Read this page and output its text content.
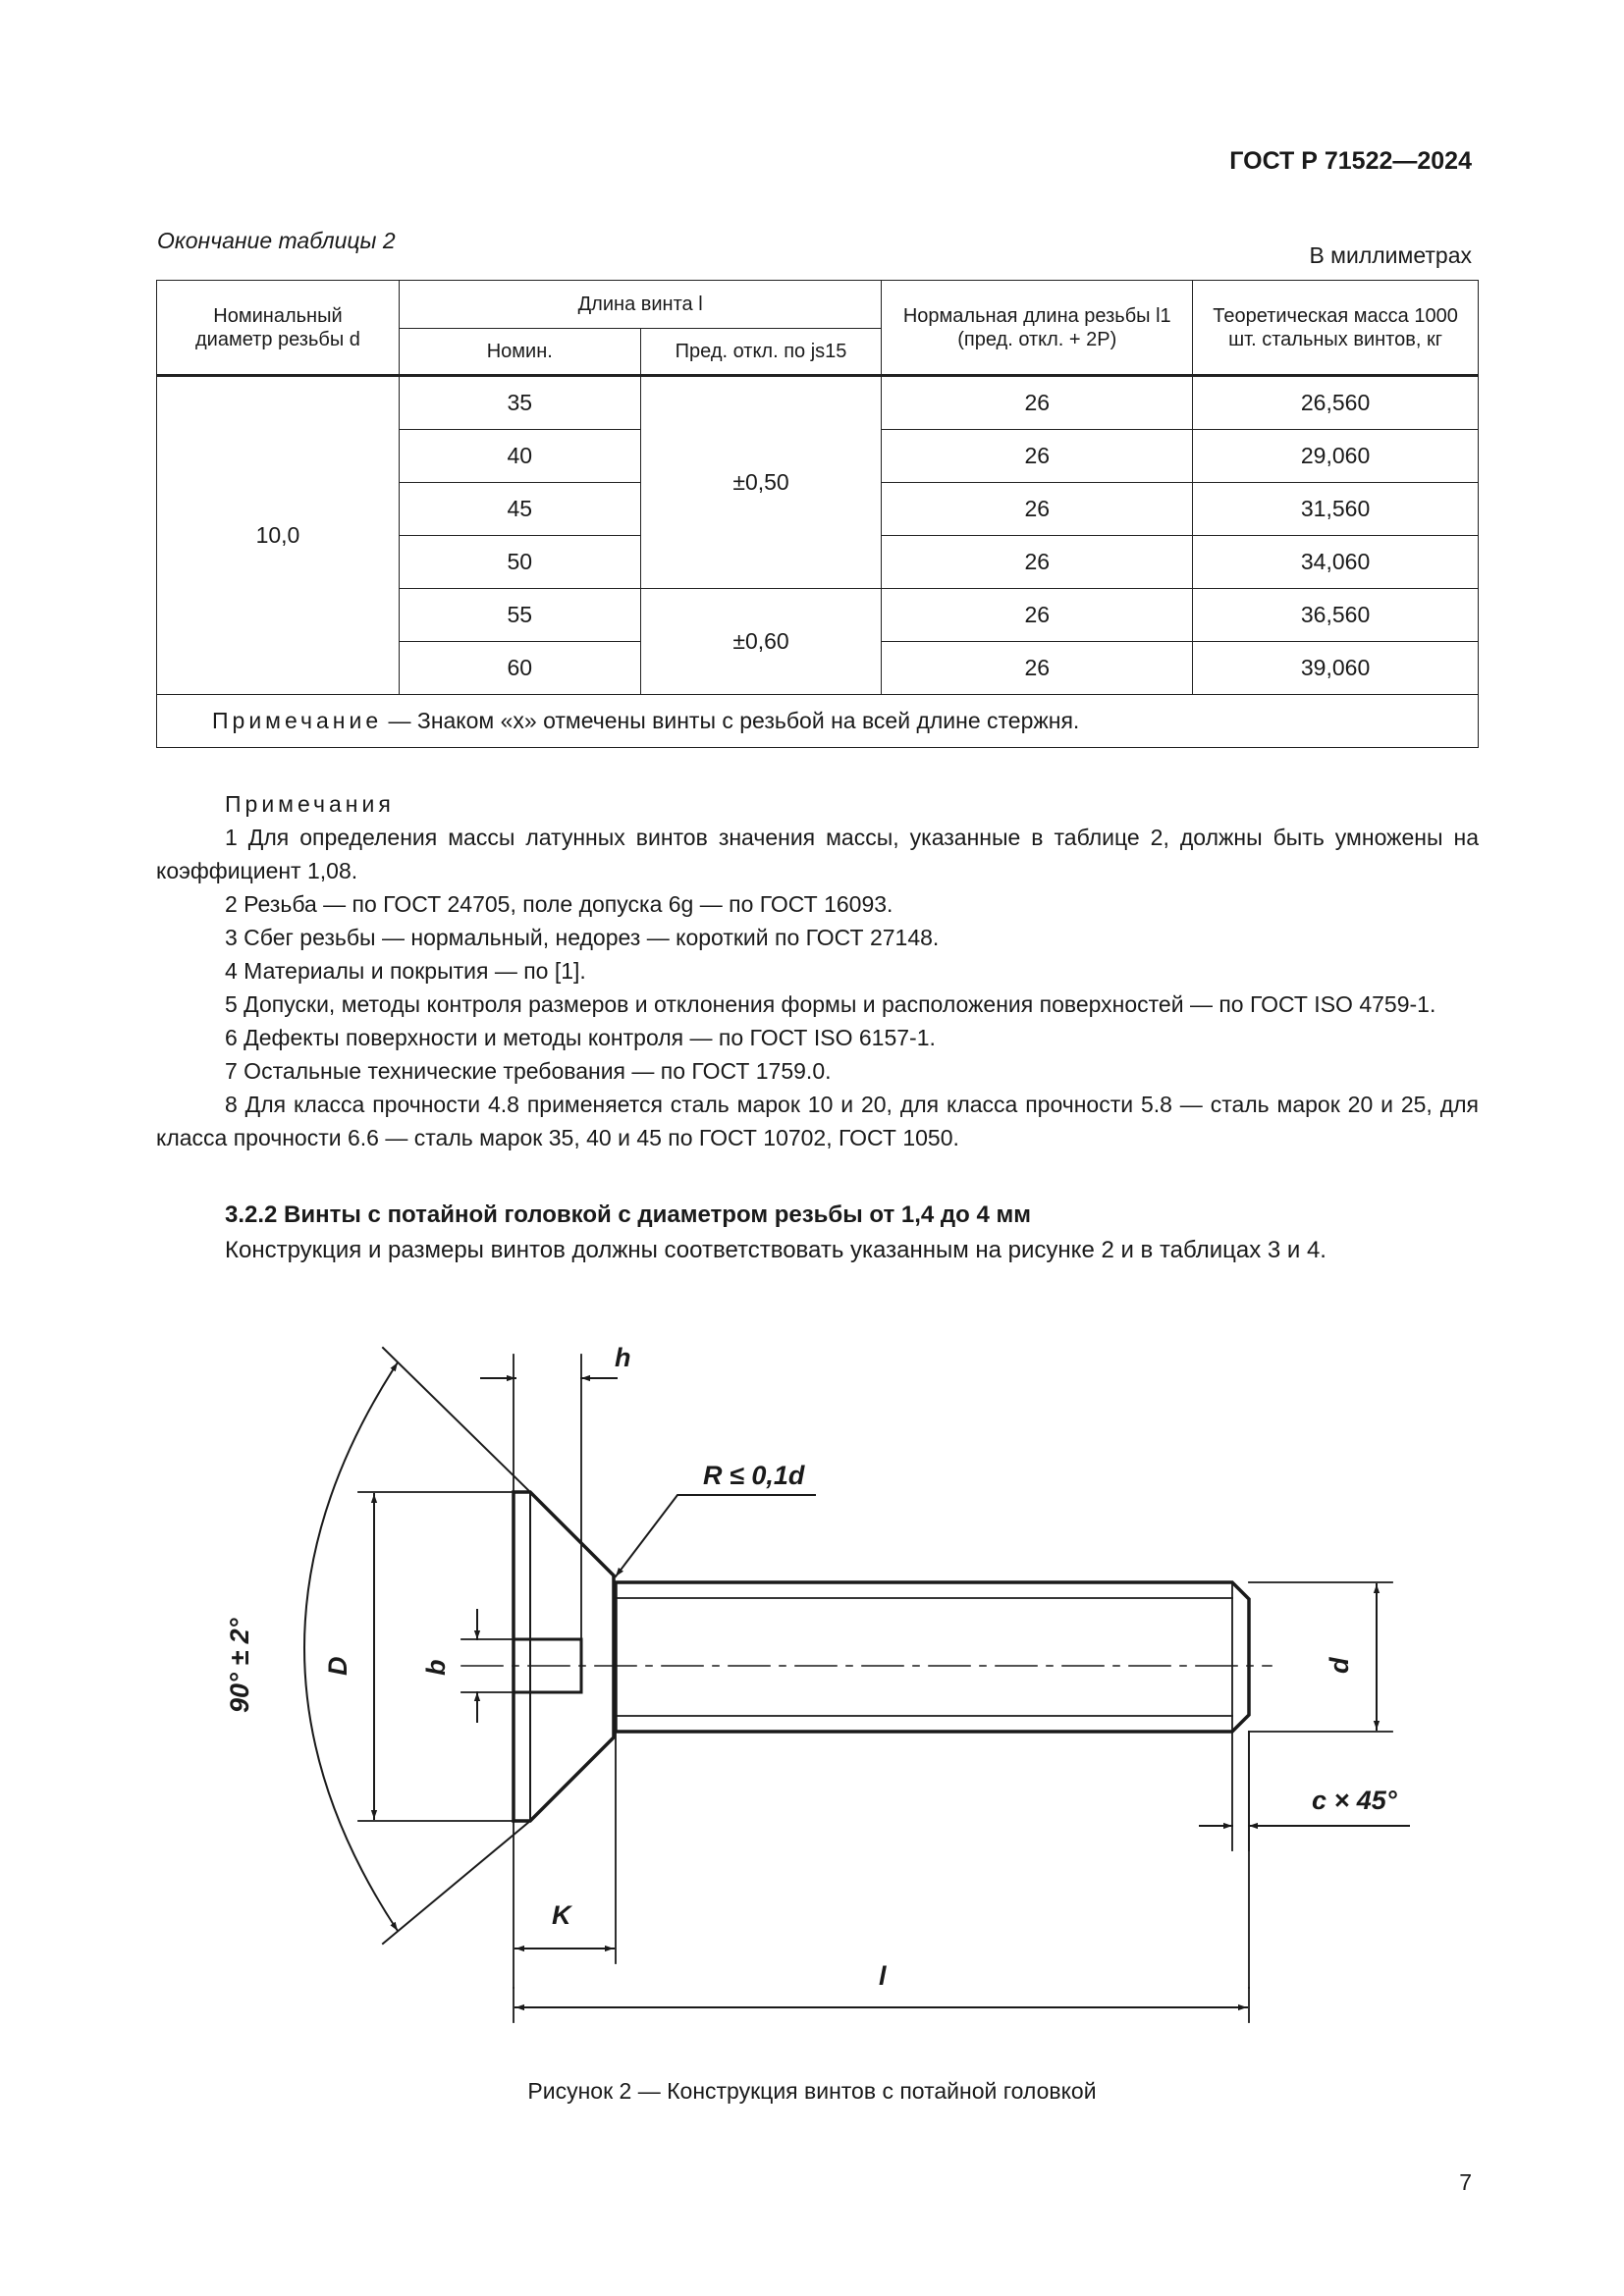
ГОСТ Р 71522—2024
Окончание таблицы 2
В миллиметрах
Номинальный диаметр резьбы d	Длина винта l		Нормальная длина резьбы l1 (пред. откл. + 2P)	Теоретическая масса 1000 шт. стальных винтов, кг
	Номин.	Пред. откл. по js15		
10,0	35	±0,50	26	26,560
	40		26	29,060
	45		26	31,560
	50		26	34,060
	55	±0,60	26	36,560
	60		26	39,060
Примечание — Знаком «х» отмечены винты с резьбой на всей длине стержня.				

Примечания

1 Для определения массы латунных винтов значения массы, указанные в таблице 2, должны быть умножены на коэффициент 1,08.

2 Резьба — по ГОСТ 24705, поле допуска 6g — по ГОСТ 16093.

3 Сбег резьбы — нормальный, недорез — короткий по ГОСТ 27148.

4 Материалы и покрытия — по [1].

5 Допуски, методы контроля размеров и отклонения формы и расположения поверхностей — по ГОСТ ISO 4759-1.

6 Дефекты поверхности и методы контроля — по ГОСТ ISO 6157-1.

7 Остальные технические требования — по ГОСТ 1759.0.

8 Для класса прочности 4.8 применяется сталь марок 10 и 20, для класса прочности 5.8 — сталь марок 20 и 25, для класса прочности 6.6 — сталь марок 35, 40 и 45 по ГОСТ 10702, ГОСТ 1050.

3.2.2 Винты с потайной головкой с диаметром резьбы от 1,4 до 4 мм

Конструкция и размеры винтов должны соответствовать указанным на рисунке 2 и в таблицах 3 и 4.

h
R ≤ 0,1d
90° ± 2°	D	b	d
c × 45°
K
l
Рисунок 2 — Конструкция винтов с потайной головкой
7
